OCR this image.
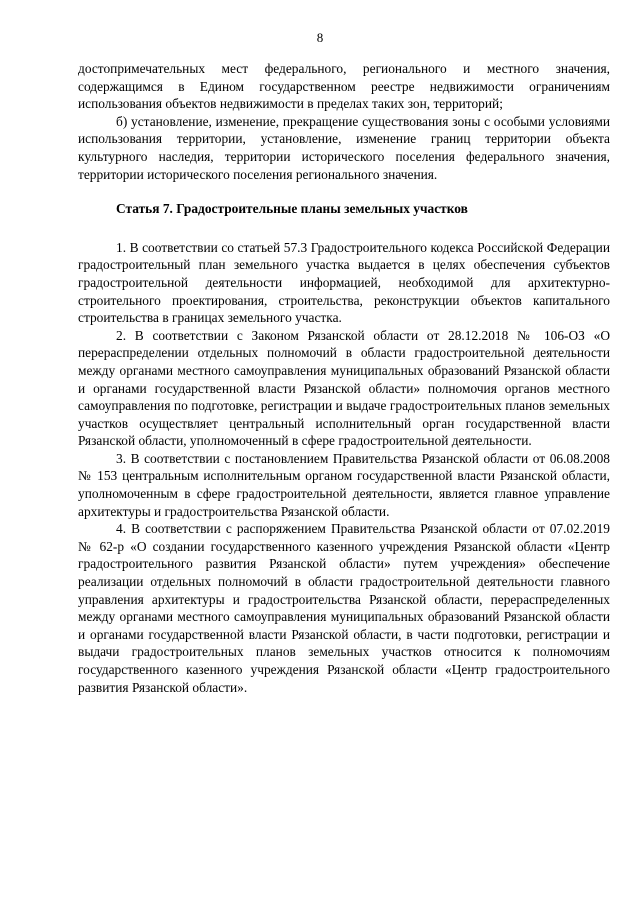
8

достопримечательных мест федерального, регионального и местного значения, содержащимся в Едином государственном реестре недвижимости ограничениям использования объектов недвижимости в пределах таких зон, территорий;

б) установление, изменение, прекращение существования зоны с особыми условиями использования территории, установление, изменение границ территории объекта культурного наследия, территории исторического поселения федерального значения, территории исторического поселения регионального значения.

Статья 7. Градостроительные планы земельных участков

1. В соответствии со статьей 57.3 Градостроительного кодекса Российской Федерации градостроительный план земельного участка выдается в целях обеспечения субъектов градостроительной деятельности информацией, необходимой для архитектурно-строительного проектирования, строительства, реконструкции объектов капитального строительства в границах земельного участка.

2. В соответствии с Законом Рязанской области от 28.12.2018 № 106-ОЗ «О перераспределении отдельных полномочий в области градостроительной деятельности между органами местного самоуправления муниципальных образований Рязанской области и органами государственной власти Рязанской области» полномочия органов местного самоуправления по подготовке, регистрации и выдаче градостроительных планов земельных участков осуществляет центральный исполнительный орган государственной власти Рязанской области, уполномоченный в сфере градостроительной деятельности.

3. В соответствии с постановлением Правительства Рязанской области от 06.08.2008 № 153 центральным исполнительным органом государственной власти Рязанской области, уполномоченным в сфере градостроительной деятельности, является главное управление архитектуры и градостроительства Рязанской области.

4. В соответствии с распоряжением Правительства Рязанской области от 07.02.2019 № 62-р «О создании государственного казенного учреждения Рязанской области «Центр градостроительного развития Рязанской области» путем учреждения» обеспечение реализации отдельных полномочий в области градостроительной деятельности главного управления архитектуры и градостроительства Рязанской области, перераспределенных между органами местного самоуправления муниципальных образований Рязанской области и органами государственной власти Рязанской области, в части подготовки, регистрации и выдачи градостроительных планов земельных участков относится к полномочиям государственного казенного учреждения Рязанской области «Центр градостроительного развития Рязанской области».
